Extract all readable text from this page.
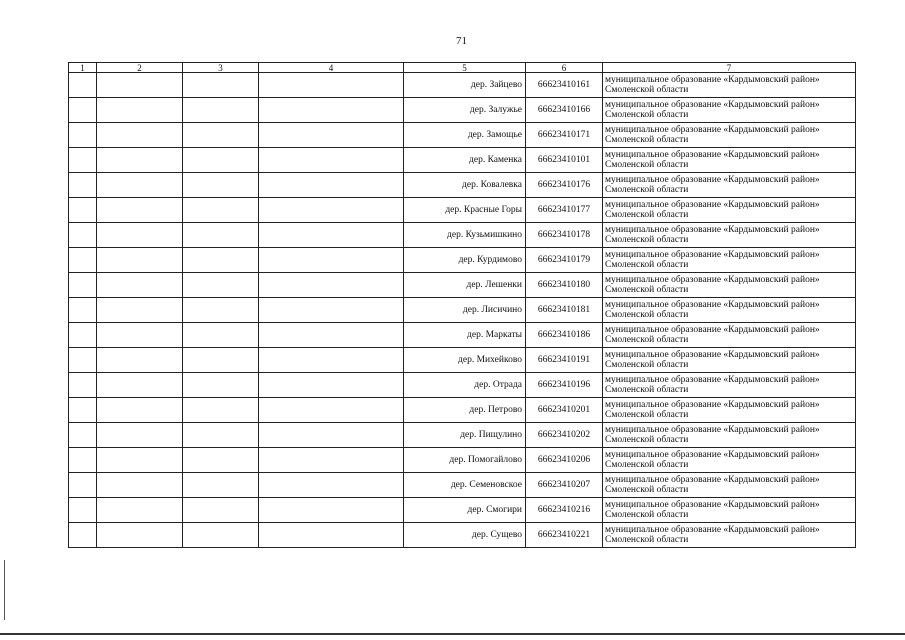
71
1	2	3	4	5	6	7
				дер. Зайцево	66623410161	муниципальное образование «Кардымовский район»
Смоленской области

				дер. Залужье	66623410166	муниципальное образование «Кардымовский район»
Смоленской области

				дер. Замощье	66623410171	муниципальное образование «Кардымовский район»
Смоленской области

				дер. Каменка	66623410101	муниципальное образование «Кардымовский район»
Смоленской области

				дер. Ковалевка	66623410176	муниципальное образование «Кардымовский район»
Смоленской области

				дер. Красные Горы	66623410177	муниципальное образование «Кардымовский район»
Смоленской области

				дер. Кузьмишкино	66623410178	муниципальное образование «Кардымовский район»
Смоленской области

				дер. Курдимово	66623410179	муниципальное образование «Кардымовский район»
Смоленской области

				дер. Лешенки	66623410180	муниципальное образование «Кардымовский район»
Смоленской области

				дер. Лисичино	66623410181	муниципальное образование «Кардымовский район»
Смоленской области

				дер. Маркаты	66623410186	муниципальное образование «Кардымовский район»
Смоленской области

				дер. Михейково	66623410191	муниципальное образование «Кардымовский район»
Смоленской области

				дер. Отрада	66623410196	муниципальное образование «Кардымовский район»
Смоленской области

				дер. Петрово	66623410201	муниципальное образование «Кардымовский район»
Смоленской области

				дер. Пищулино	66623410202	муниципальное образование «Кардымовский район»
Смоленской области

				дер. Помогайлово	66623410206	муниципальное образование «Кардымовский район»
Смоленской области

				дер. Семеновское	66623410207	муниципальное образование «Кардымовский район»
Смоленской области

				дер. Смогири	66623410216	муниципальное образование «Кардымовский район»
Смоленской области

				дер. Сущево	66623410221	муниципальное образование «Кардымовский район»
Смоленской области
